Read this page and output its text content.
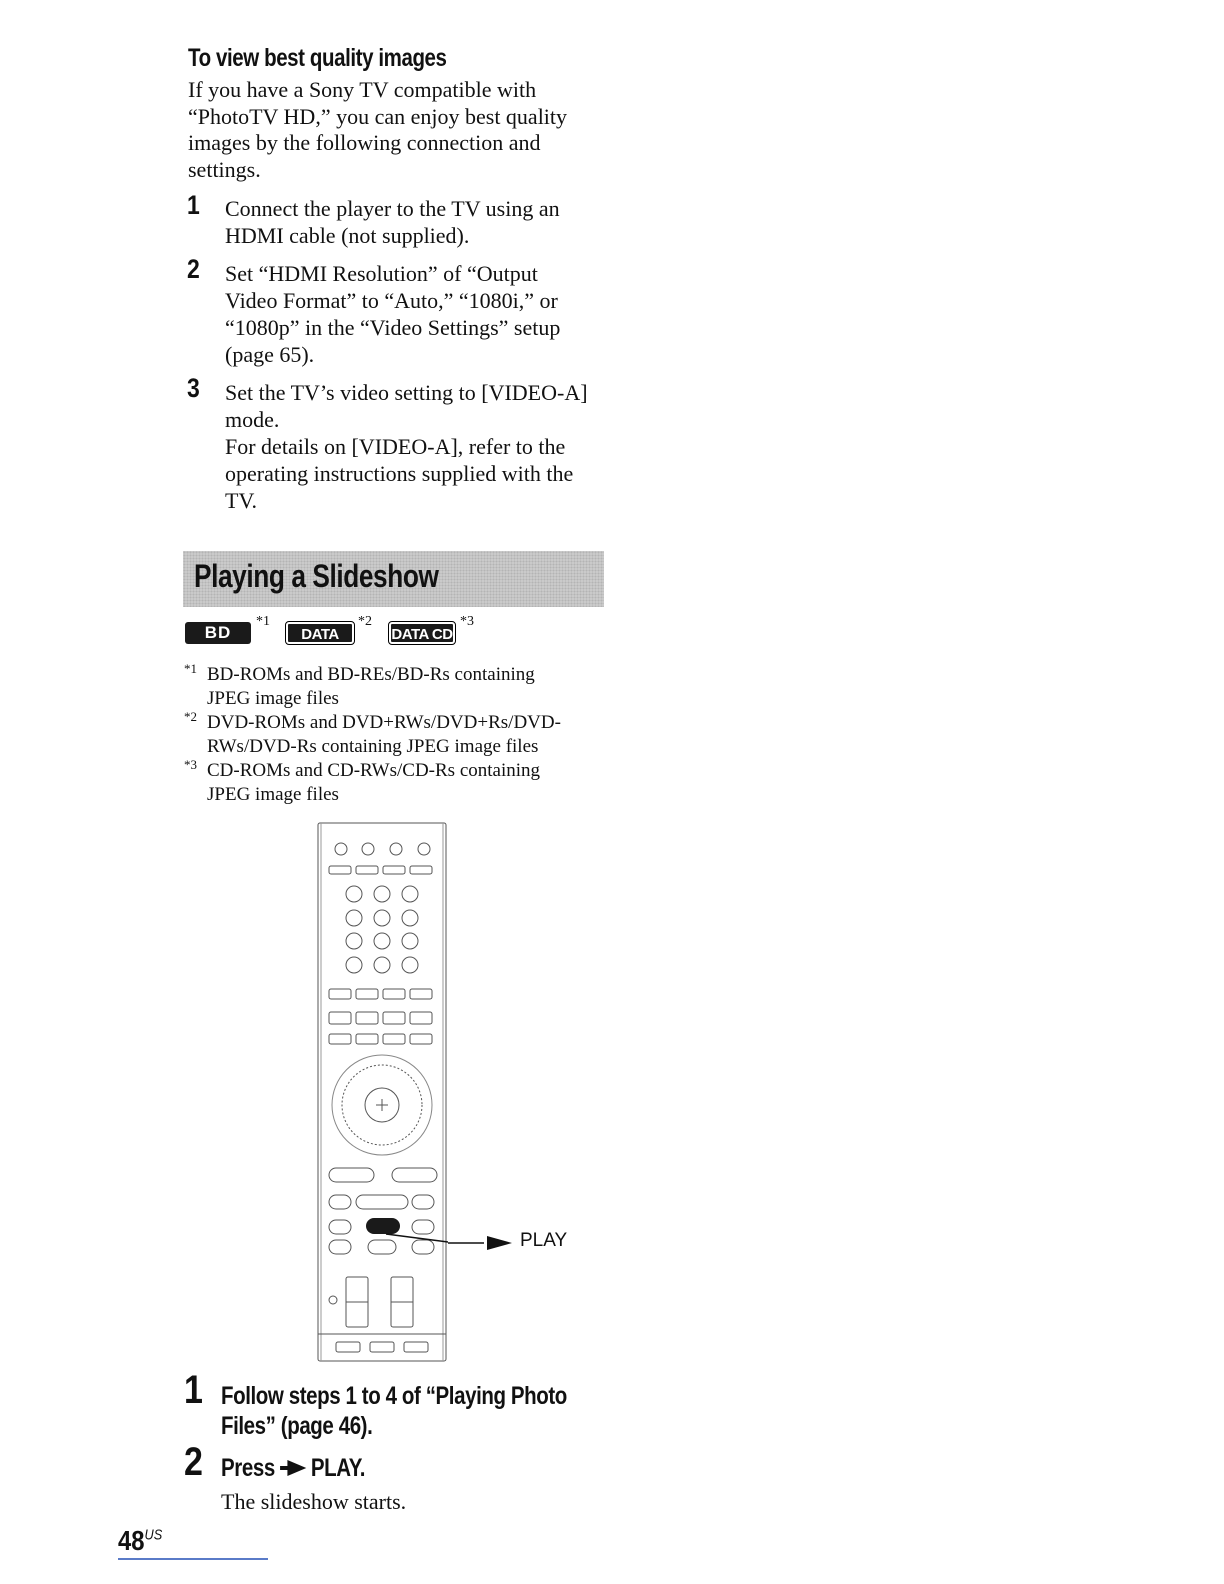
To view best quality images
If you have a Sony TV compatible with
“PhotoTV HD,” you can enjoy best quality
images by the following connection and
settings.
1 Connect the player to the TV using an
HDMI cable (not supplied).
2 Set “HDMI Resolution” of “Output
Video Format” to “Auto,” “1080i,” or
“1080p” in the “Video Settings” setup
(page 65).
3 Set the TV’s video setting to [VIDEO-A]
mode.
For details on [VIDEO-A], refer to the
operating instructions supplied with the
TV.
Playing a Slideshow
BD
*1
DATA DVD
*2
DATA CD
*3
*1 BD-ROMs and BD-REs/BD-Rs containing
JPEG image files
*2 DVD-ROMs and DVD+RWs/DVD+Rs/DVD-
RWs/DVD-Rs containing JPEG image files
*3 CD-ROMs and CD-RWs/CD-Rs containing
JPEG image files
PLAY
1 Follow steps 1 to 4 of “Playing Photo
Files” (page 46).
2 Press PLAY.
The slideshow starts.
$48^{US}$
